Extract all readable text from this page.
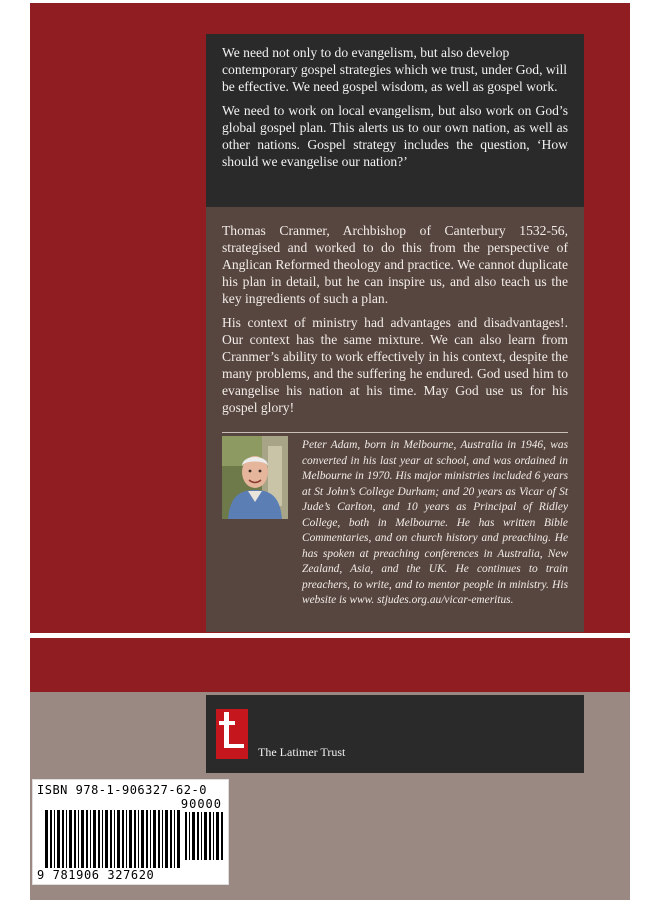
We need not only to do evangelism, but also develop contemporary gospel strategies which we trust, under God, will be effective. We need gospel wisdom, as well as gospel work.

We need to work on local evangelism, but also work on God’s global gospel plan. This alerts us to our own nation, as well as other nations. Gospel strategy includes the question, ‘How should we evangelise our nation?’

Thomas Cranmer, Archbishop of Canterbury 1532-56, strategised and worked to do this from the perspective of Anglican Reformed theology and practice. We cannot duplicate his plan in detail, but he can inspire us, and also teach us the key ingredients of such a plan.

His context of ministry had advantages and disadvantages!. Our context has the same mixture. We can also learn from Cranmer’s ability to work effectively in his context, despite the many problems, and the suffering he endured. God used him to evangelise his nation at his time. May God use us for his gospel glory!

Peter Adam, born in Melbourne, Australia in 1946, was converted in his last year at school, and was ordained in Melbourne in 1970. His major ministries included 6 years at St John’s College Durham; and 20 years as Vicar of St Jude’s Carlton, and 10 years as Principal of Ridley College, both in Melbourne. He has written Bible Commentaries, and on church history and preaching. He has spoken at preaching conferences in Australia, New Zealand, Asia, and the UK. He continues to train preachers, to write, and to mentor people in ministry. His website is www. stjudes.org.au/vicar-emeritus.
The Latimer Trust
ISBN 978-1-906327-62-0
90000
9 781906 327620
